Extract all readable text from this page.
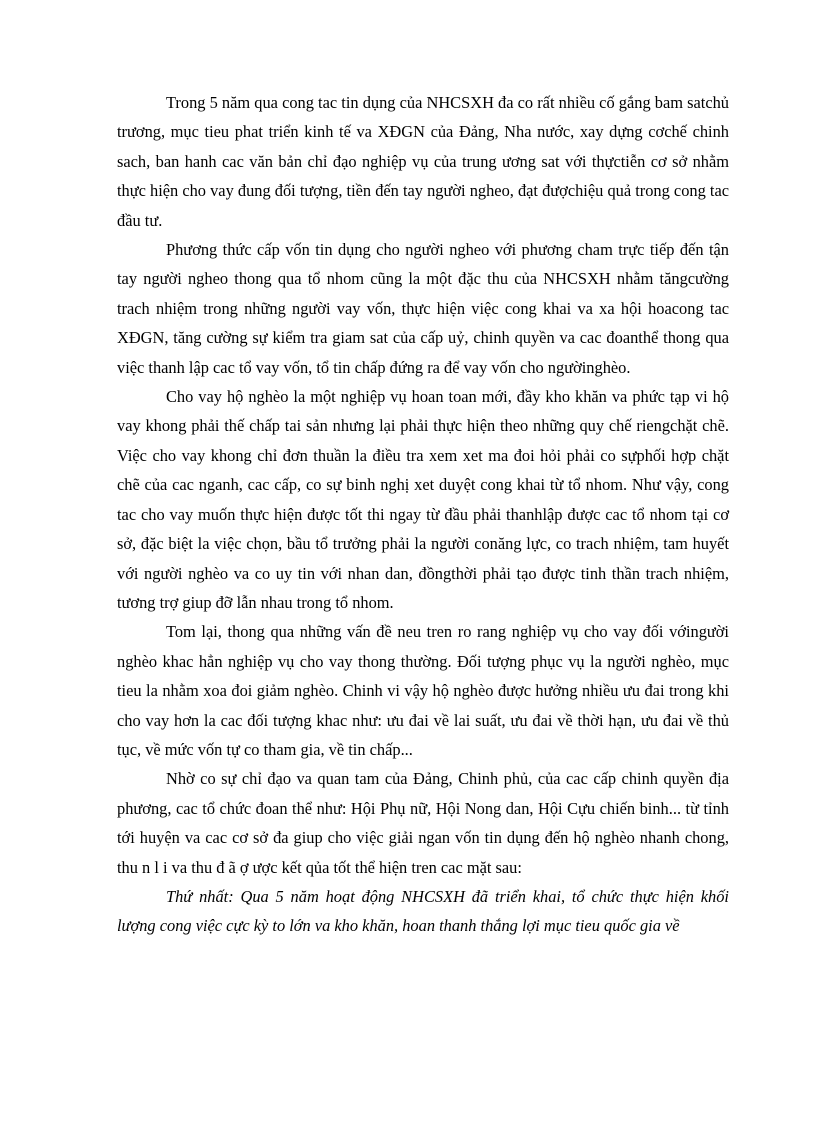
Trong 5 năm qua cong tac tin dụng của NHCSXH đa co rất nhiều cố gắng bam satchủ trương, mục tieu phat triển kinh tế va XĐGN của Đảng, Nha nước, xay dựng cơchế chinh sach, ban hanh cac văn bản chỉ đạo nghiệp vụ của trung ương sat với thựctiễn cơ sở nhằm thực hiện cho vay đung đối tượng, tiền đến tay người ngheo, đạt đượchiệu quả trong cong tac đầu tư.

Phương thức cấp vốn tin dụng cho người ngheo với phương cham trực tiếp đến tận tay người ngheo thong qua tổ nhom cũng la một đặc thu của NHCSXH nhằm tăngcường trach nhiệm trong những người vay vốn, thực hiện việc cong khai va xa hội hoacong tac XĐGN, tăng cường sự kiểm tra giam sat của cấp uỷ, chinh quyền va cac đoanthể thong qua việc thanh lập cac tổ vay vốn, tổ tin chấp đứng ra để vay vốn cho ngườinghèo.

Cho vay hộ nghèo la một nghiệp vụ hoan toan mới, đầy kho khăn va phức tạp vi hộ vay khong phải thế chấp tai sản nhưng lại phải thực hiện theo những quy chế riengchặt chẽ. Việc cho vay khong chỉ đơn thuần la điều tra xem xet ma đoi hỏi phải co sựphối hợp chặt chẽ của cac nganh, cac cấp, co sự binh nghị xet duyệt cong khai từ tổ nhom. Như vậy, cong tac cho vay muốn thực hiện được tốt thi ngay từ đầu phải thanhlập được cac tổ nhom tại cơ sở, đặc biệt la việc chọn, bầu tổ trưởng phải la người conăng lực, co trach nhiệm, tam huyết với người nghèo va co uy tin với nhan dan, đồngthời phải tạo được tinh thần trach nhiệm, tương trợ giup đỡ lẫn nhau trong tổ nhom.

Tom lại, thong qua những vấn đề neu tren ro rang nghiệp vụ cho vay đối vớingười nghèo khac hẳn nghiệp vụ cho vay thong thường. Đối tượng phục vụ la người nghèo, mục tieu la nhằm xoa đoi giảm nghèo. Chinh vi vậy hộ nghèo được hưởng nhiều ưu đai trong khi cho vay hơn la cac đối tượng khac như: ưu đai về lai suất, ưu đai về thời hạn, ưu đai về thủ tục, về mức vốn tự co tham gia, về tin chấp...

Nhờ co sự chỉ đạo va quan tam của Đảng, Chinh phủ, của cac cấp chinh quyền địa phương, cac tổ chức đoan thể như: Hội Phụ nữ, Hội Nong dan, Hội Cựu chiến binh... từ tỉnh tới huyện va cac cơ sở đa giup cho việc giải ngan vốn tin dụng đến hộ nghèo nhanh chong, thu n l i va thu đ ã ợ ược kết qủa tốt thể hiện tren cac mặt sau:

Thứ nhất: Qua 5 năm hoạt động NHCSXH đã triển khai, tổ chức thực hiện khối lượng cong việc cực kỳ to lớn va kho khăn, hoan thanh thắng lợi mục tieu quốc gia về
